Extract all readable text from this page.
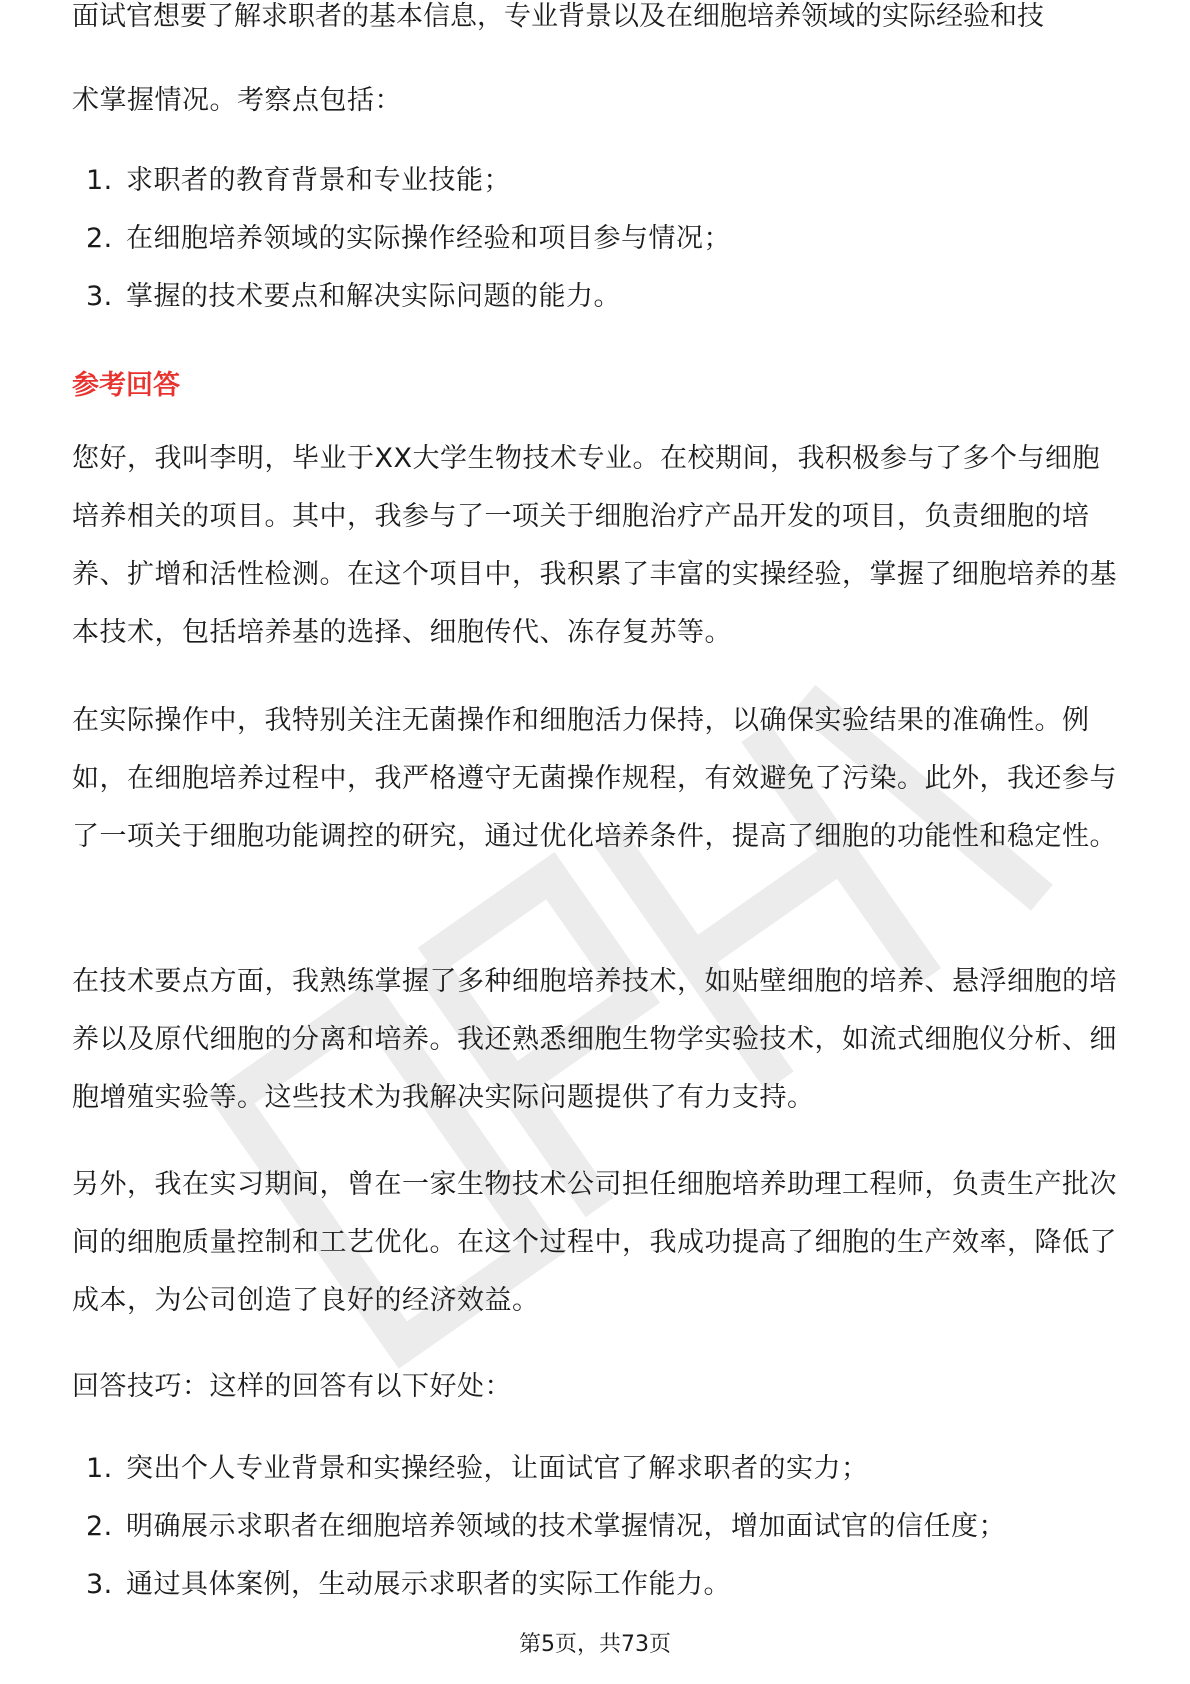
面试官想要了解求职者的基本信息，专业背景以及在细胞培养领域的实际经验和技

术掌握情况。考察点包括：

1. 求职者的教育背景和专业技能；
2. 在细胞培养领域的实际操作经验和项目参与情况；
3. 掌握的技术要点和解决实际问题的能力。
参考回答

您好，我叫李明，毕业于XX大学生物技术专业。在校期间，我积极参与了多个与细胞培养相关的项目。其中，我参与了一项关于细胞治疗产品开发的项目，负责细胞的培养、扩增和活性检测。在这个项目中，我积累了丰富的实操经验，掌握了细胞培养的基本技术，包括培养基的选择、细胞传代、冻存复苏等。

在实际操作中，我特别关注无菌操作和细胞活力保持，以确保实验结果的准确性。例如，在细胞培养过程中，我严格遵守无菌操作规程，有效避免了污染。此外，我还参与了一项关于细胞功能调控的研究，通过优化培养条件，提高了细胞的功能性和稳定性。

在技术要点方面，我熟练掌握了多种细胞培养技术，如贴壁细胞的培养、悬浮细胞的培养以及原代细胞的分离和培养。我还熟悉细胞生物学实验技术，如流式细胞仪分析、细胞增殖实验等。这些技术为我解决实际问题提供了有力支持。

另外，我在实习期间，曾在一家生物技术公司担任细胞培养助理工程师，负责生产批次间的细胞质量控制和工艺优化。在这个过程中，我成功提高了细胞的生产效率，降低了成本，为公司创造了良好的经济效益。

回答技巧：这样的回答有以下好处：

1. 突出个人专业背景和实操经验，让面试官了解求职者的实力；
2. 明确展示求职者在细胞培养领域的技术掌握情况，增加面试官的信任度；
3. 通过具体案例，生动展示求职者的实际工作能力。
第5页，共73页
